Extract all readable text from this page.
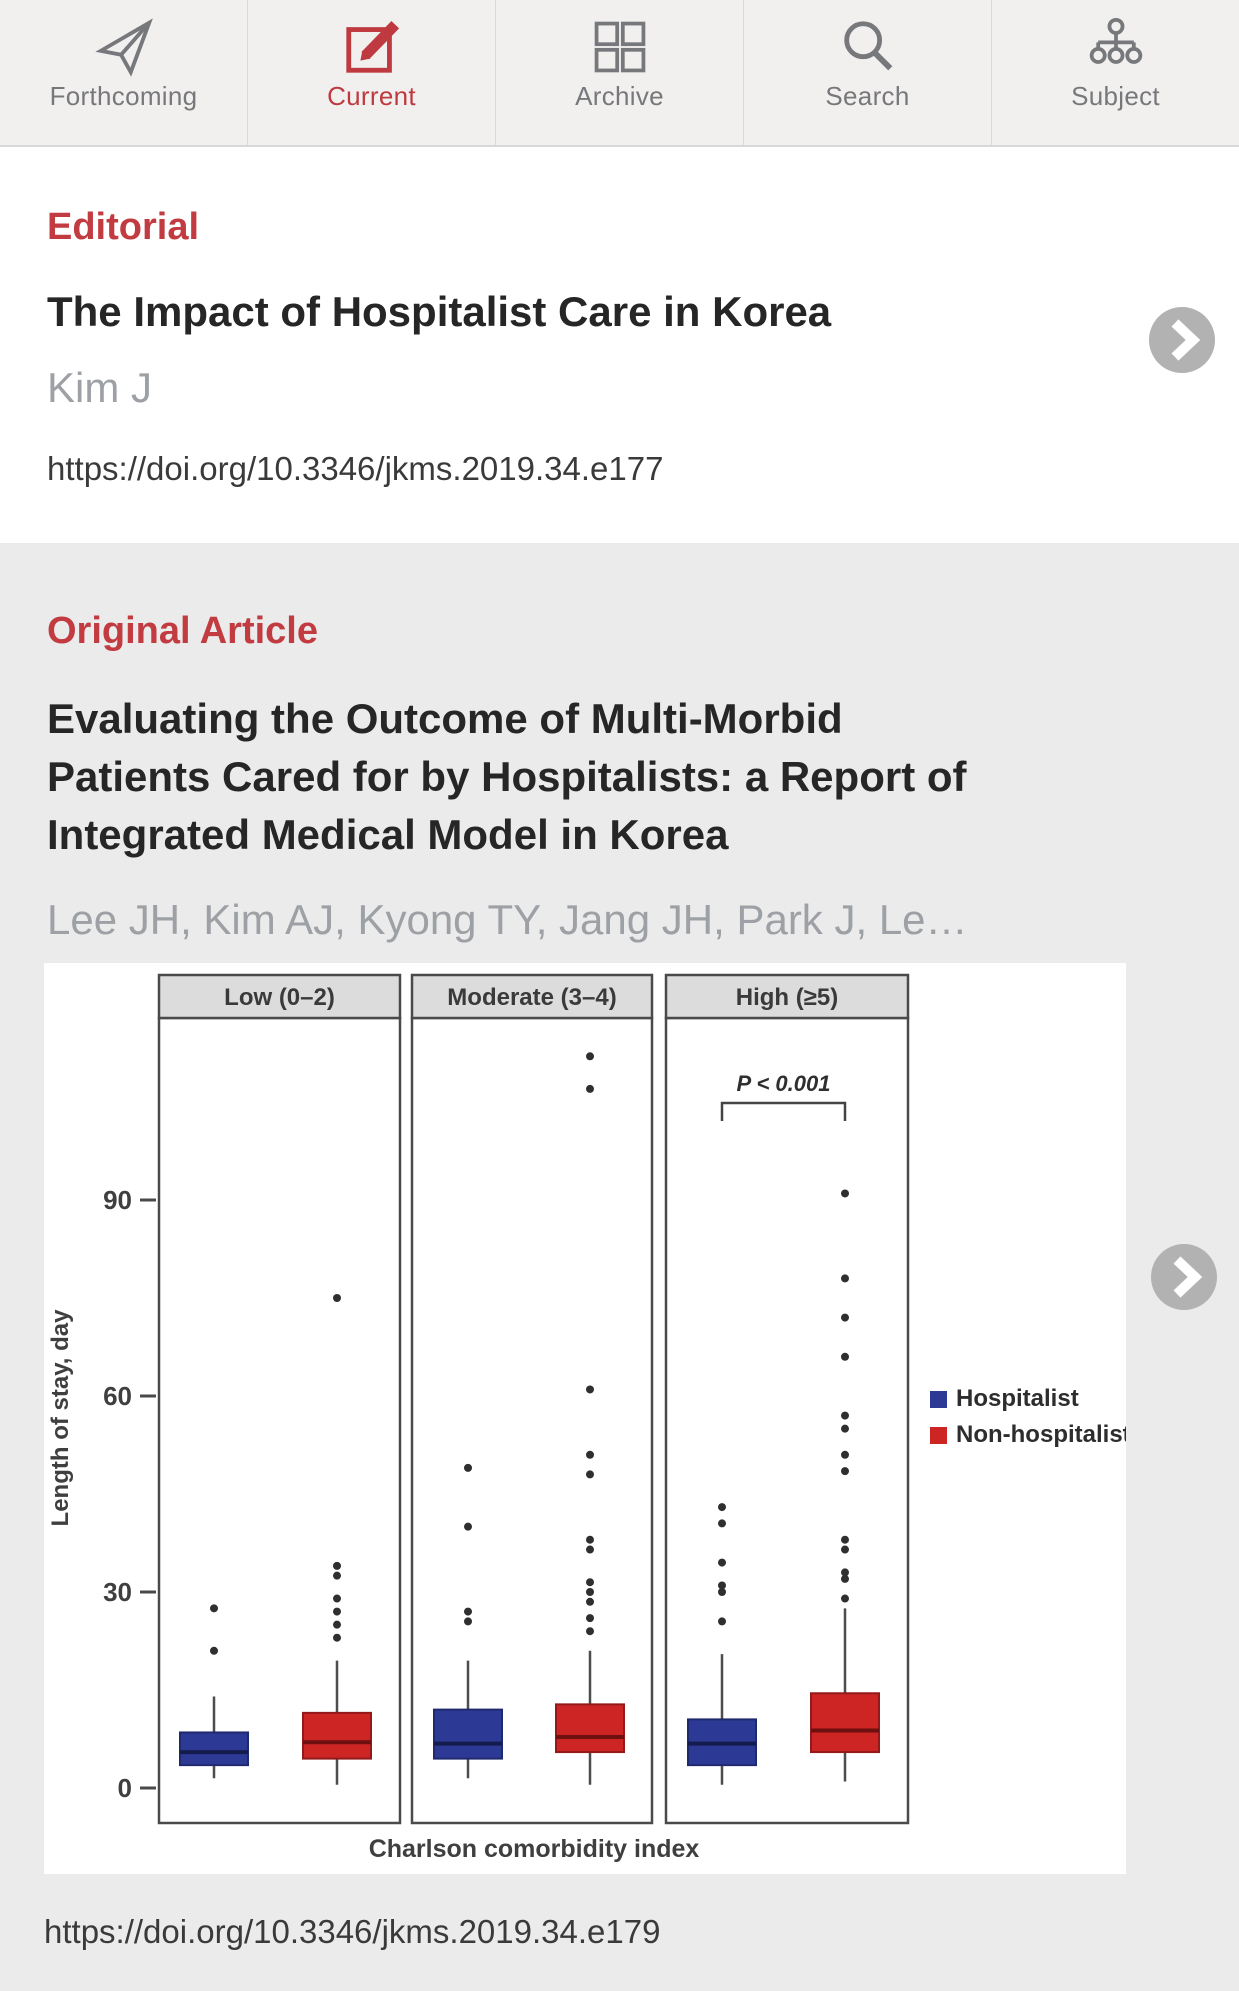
Forthcoming	Current	Archive	Search	Subject
Editorial
The Impact of Hospitalist Care in Korea
Kim J
https://doi.org/10.3346/jkms.2019.34.e177
Original Article
Evaluating the Outcome of Multi-Morbid
Patients Cared for by Hospitalists: a Report of
Integrated Medical Model in Korea
Lee JH, Kim AJ, Kyong TY, Jang JH, Park J, Le…
0
30
60
90
Length of stay, day
Charlson comorbidity index
Low (0–2)	Moderate (3–4)	High (≥5)
P < 0.001
Hospitalist
Non-hospitalist
https://doi.org/10.3346/jkms.2019.34.e179
